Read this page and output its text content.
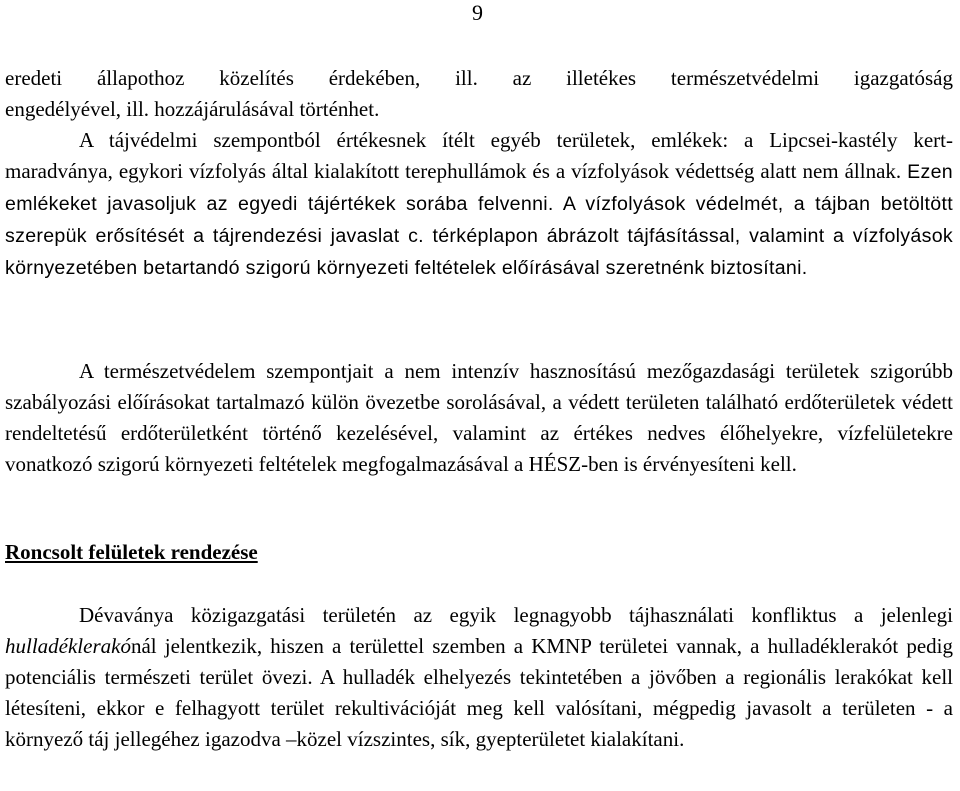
9

eredeti állapothoz közelítés érdekében, ill. az illetékes természetvédelmi igazgatóság

engedélyével, ill. hozzájárulásával történhet.

A tájvédelmi szempontból értékesnek ítélt egyéb területek, emlékek: a Lipcsei-kastély kert-maradványa, egykori vízfolyás által kialakított terephullámok és a vízfolyások védettség alatt nem állnak. Ezen emlékeket javasoljuk az egyedi tájértékek sorába felvenni. A vízfolyások védelmét, a tájban betöltött szerepük erősítését a tájrendezési javaslat c. térképlapon ábrázolt tájfásítással, valamint a vízfolyások környezetében betartandó szigorú környezeti feltételek előírásával szeretnénk biztosítani.

A természetvédelem szempontjait a nem intenzív hasznosítású mezőgazdasági területek szigorúbb szabályozási előírásokat tartalmazó külön övezetbe sorolásával, a védett területen található erdőterületek védett rendeltetésű erdőterületként történő kezelésével, valamint az értékes nedves élőhelyekre, vízfelületekre vonatkozó szigorú környezeti feltételek megfogalmazásával a HÉSZ-ben is érvényesíteni kell.

Roncsolt felületek rendezése

Dévaványa közigazgatási területén az egyik legnagyobb tájhasználati konfliktus a jelenlegi hulladéklerakónál jelentkezik, hiszen a területtel szemben a KMNP területei vannak, a hulladéklerakót pedig potenciális természeti terület övezi. A hulladék elhelyezés tekintetében a jövőben a regionális lerakókat kell létesíteni, ekkor e felhagyott terület rekultivációját meg kell valósítani, mégpedig javasolt a területen - a környező táj jellegéhez igazodva –közel vízszintes, sík, gyepterületet kialakítani.
